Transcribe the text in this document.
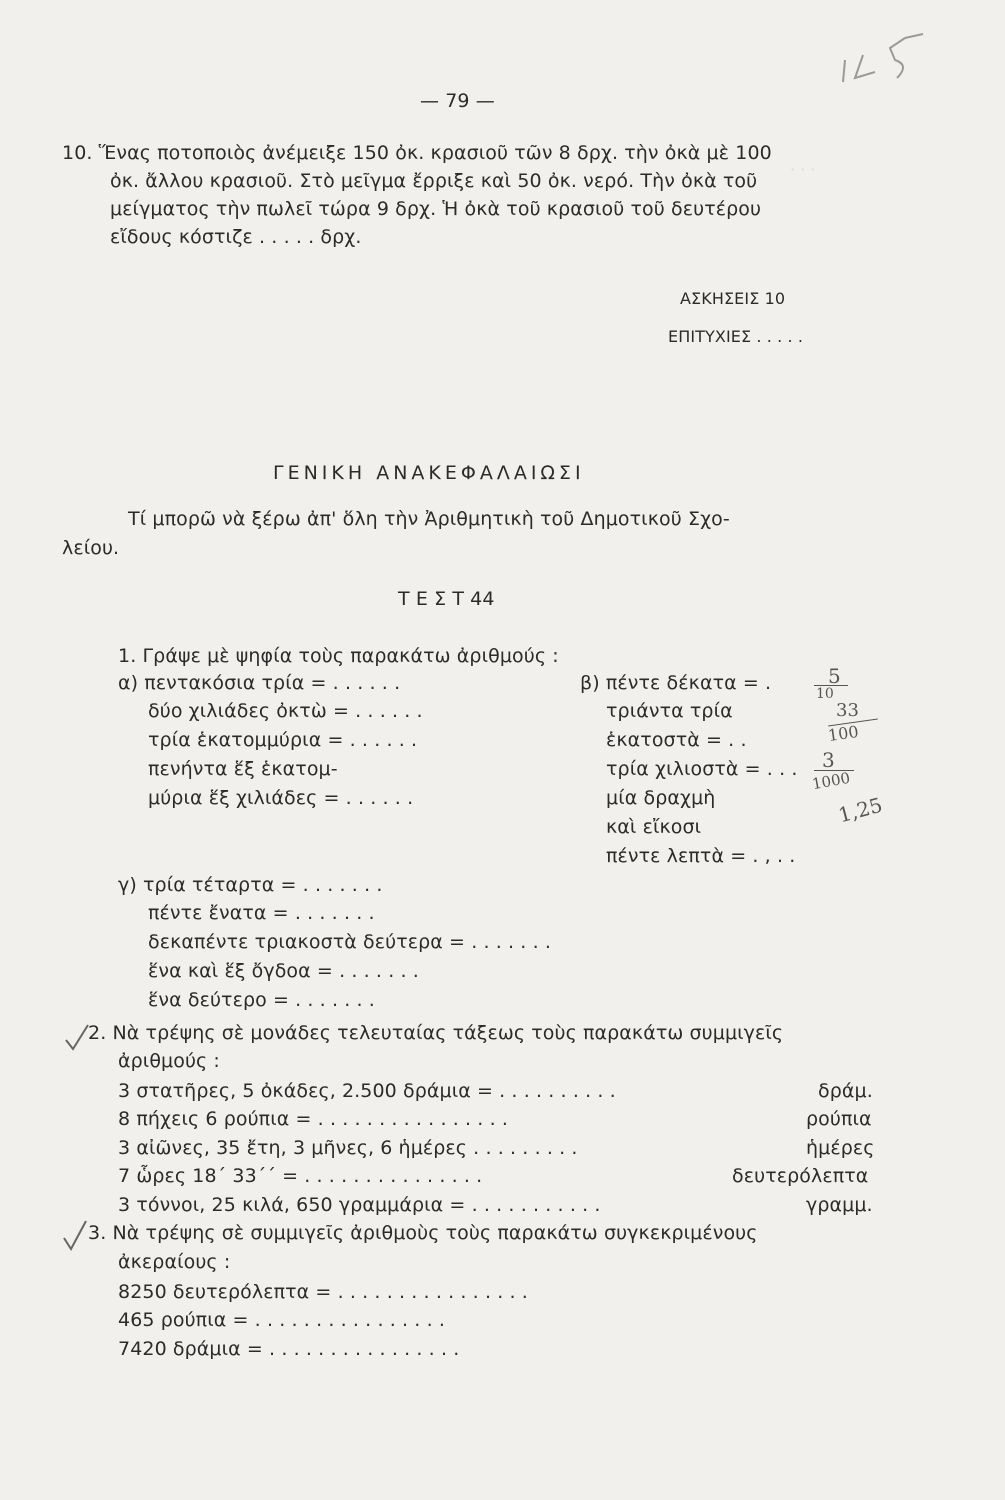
· · ·
— 79 —
10. Ἕνας ποτοποιὸς ἀνέμειξε 150 ὀκ. κρασιοῦ τῶν 8 δρχ. τὴν ὀκὰ μὲ 100
ὀκ. ἄλλου κρασιοῦ. Στὸ μεῖγμα ἔρριξε καὶ 50 ὀκ. νερό. Τὴν ὀκὰ τοῦ
μείγματος τὴν πωλεῖ τώρα 9 δρχ. Ἡ ὀκὰ τοῦ κρασιοῦ τοῦ δευτέρου
εἴδους κόστιζε . . . . . δρχ.
ΑΣΚΗΣΕΙΣ 10
ΕΠΙΤΥΧΙΕΣ . . . . .
ΓΕΝΙΚΗ ΑΝΑΚΕΦΑΛΑΙΩΣΙ
Τί μπορῶ νὰ ξέρω ἀπ' ὅλη τὴν Ἀριθμητικὴ τοῦ Δημοτικοῦ Σχο-
λείου.
Τ Ε Σ Τ 44
1. Γράψε μὲ ψηφία τοὺς παρακάτω ἀριθμούς :
α) πεντακόσια τρία = . . . . . .
δύο χιλιάδες ὀκτὼ = . . . . . .
τρία ἑκατομμύρια = . . . . . .
πενήντα ἕξ ἑκατομ-
μύρια ἕξ χιλιάδες = . . . . . .
β) πέντε δέκατα = .
τριάντα τρία
ἑκατοστὰ = . .
τρία χιλιοστὰ = . . .
μία δραχμὴ
καὶ εἴκοσι
πέντε λεπτὰ = . , . .
5
10
33
100
3
1000
1,25
γ) τρία τέταρτα = . . . . . . .
πέντε ἔνατα = . . . . . . .
δεκαπέντε τριακοστὰ δεύτερα = . . . . . . .
ἕνα καὶ ἕξ ὄγδοα = . . . . . . .
ἕνα δεύτερο = . . . . . . .
2. Νὰ τρέψης σὲ μονάδες τελευταίας τάξεως τοὺς παρακάτω συμμιγεῖς
ἀριθμούς :
3 στατῆρες, 5 ὀκάδες, 2.500 δράμια = . . . . . . . . . .	δράμ.
8 πήχεις 6 ρούπια = . . . . . . . . . . . . . . . .	ρούπια
3 αἰῶνες, 35 ἔτη, 3 μῆνες, 6 ἡμέρες . . . . . . . . .	ἡμέρες
7 ὧρες 18΄ 33΄΄ = . . . . . . . . . . . . . . .	δευτερόλεπτα
3 τόννοι, 25 κιλά, 650 γραμμάρια = . . . . . . . . . . .	γραμμ.
3. Νὰ τρέψης σὲ συμμιγεῖς ἀριθμοὺς τοὺς παρακάτω συγκεκριμένους
ἀκεραίους :
8250 δευτερόλεπτα = . . . . . . . . . . . . . . . .
465 ρούπια = . . . . . . . . . . . . . . . .
7420 δράμια = . . . . . . . . . . . . . . . .
